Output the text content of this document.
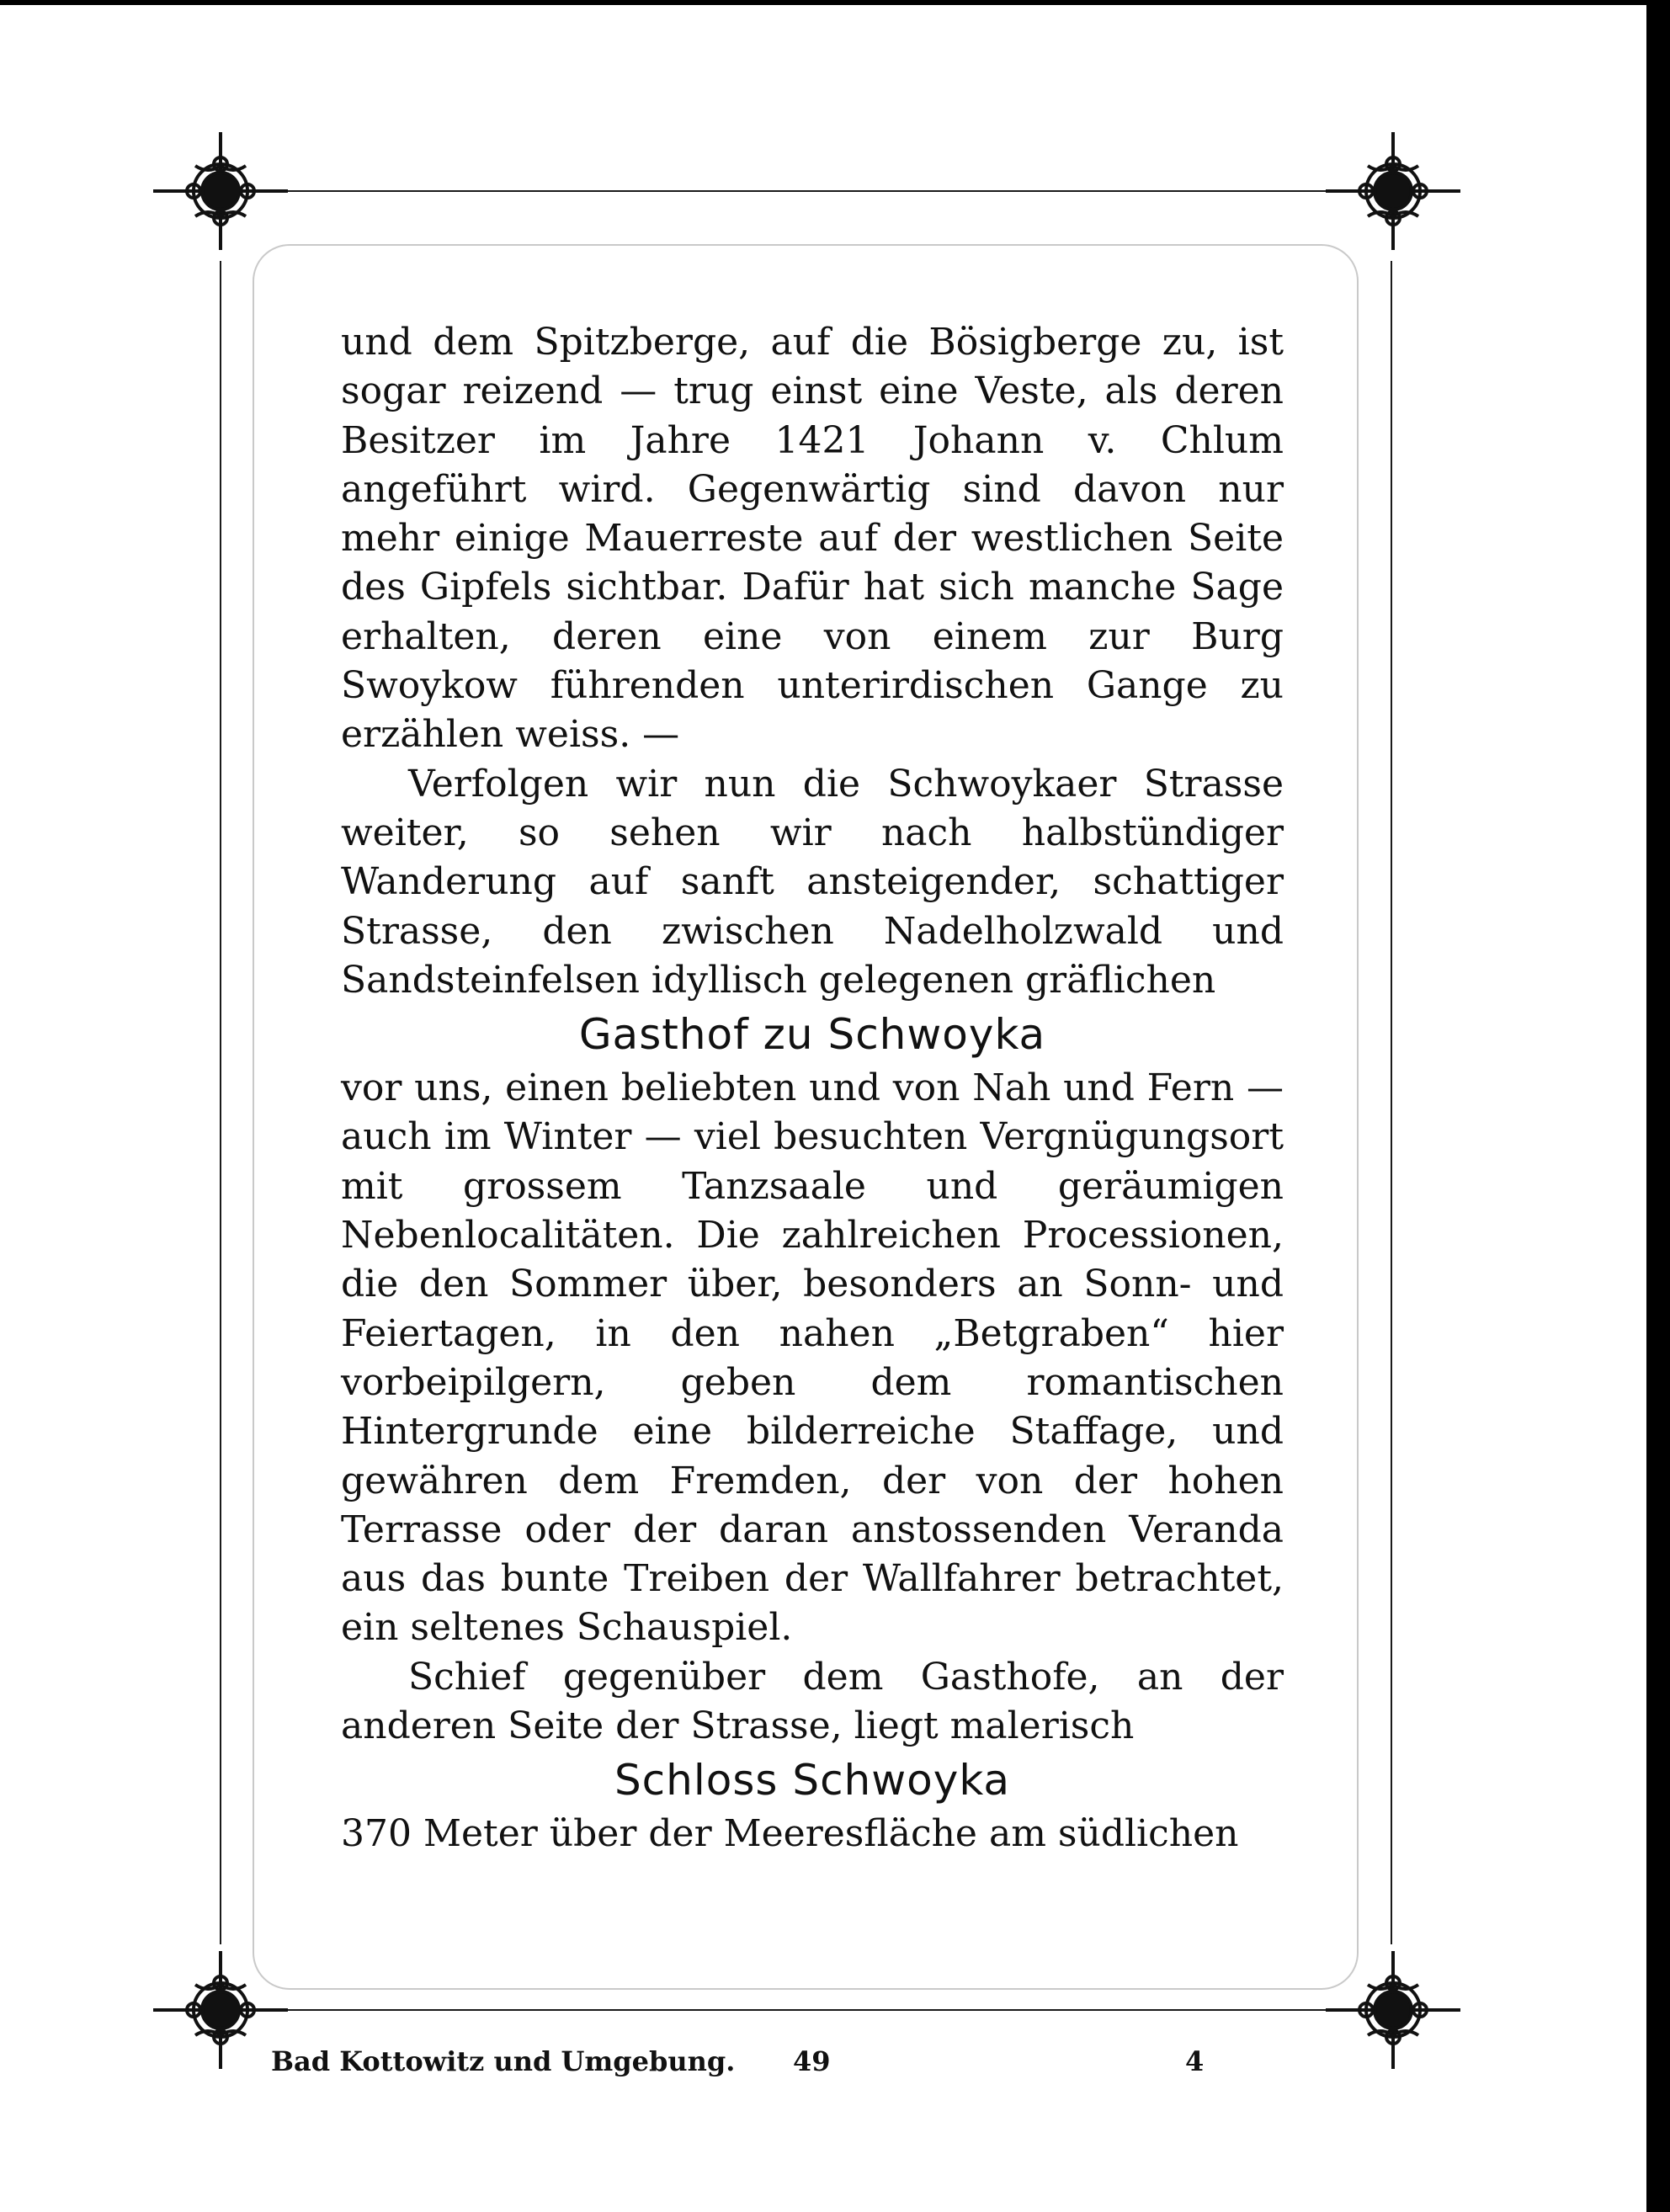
und dem Spitzberge, auf die Bösigberge zu, ist sogar reizend — trug einst eine Veste, als deren Besitzer im Jahre 1421 Johann v. Chlum angeführt wird. Gegenwärtig sind davon nur mehr einige Mauerreste auf der westlichen Seite des Gipfels sichtbar. Dafür hat sich manche Sage erhalten, deren eine von einem zur Burg Swoykow führenden unterirdischen Gange zu erzählen weiss. —

Verfolgen wir nun die Schwoykaer Strasse weiter, so sehen wir nach halbstündiger Wanderung auf sanft ansteigender, schattiger Strasse, den zwischen Nadelholzwald und Sandsteinfelsen idyllisch gelegenen gräflichen

Gasthof zu Schwoyka

vor uns, einen beliebten und von Nah und Fern — auch im Winter — viel besuchten Vergnügungsort mit grossem Tanzsaale und geräumigen Nebenlocalitäten. Die zahlreichen Processionen, die den Sommer über, besonders an Sonn- und Feiertagen, in den nahen „Betgraben“ hier vorbeipilgern, geben dem romantischen Hintergrunde eine bilderreiche Staffage, und gewähren dem Fremden, der von der hohen Terrasse oder der daran anstossenden Veranda aus das bunte Treiben der Wallfahrer betrachtet, ein seltenes Schauspiel.

Schief gegenüber dem Gasthofe, an der anderen Seite der Strasse, liegt malerisch

Schloss Schwoyka

370 Meter über der Meeresfläche am südlichen

Bad Kottowitz und Umgebung. 49	4
